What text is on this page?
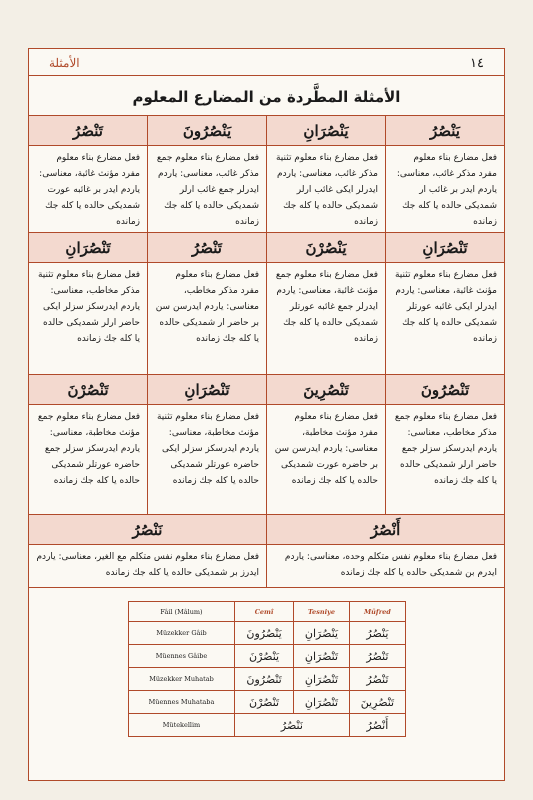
الأمثلة	١٤
الأمثلة المطَّردة من المضارع المعلوم
يَنْصُرُ
فعل مضارع بناء معلوم مفرد مذكر غائب، معناسی: یاردم ایدر بر غائب ار شمدیکی حالده یا کله جك زمانده
يَنْصُرَانِ
فعل مضارع بناء معلوم تثنية مذكر غائب، معناسی: یاردم ایدرلر ایکی غائب ارلر شمدیکی حالده یا کله جك زمانده
يَنْصُرُونَ
فعل مضارع بناء معلوم جمع مذکر غائب، معناسی: یاردم ایدرلر جمع غائب ارلر شمدیکی حالده یا کله جك زمانده
تَنْصُرُ
فعل مضارع بناء معلوم مفرد مؤنث غائبة، معناسی: یاردم ایدر بر غائبه عورت شمدیکی حالده یا کله جك زمانده
تَنْصُرَانِ
فعل مضارع بناء معلوم تثنية مؤنث غائبة، معناسی: یاردم ایدرلر ایکی غائبه عورتلر شمدیکی حالده یا کله جك زمانده
يَنْصُرْنَ
فعل مضارع بناء معلوم جمع مؤنث غائبة، معناسی: یاردم ایدرلر جمع غائبه عورتلر شمدیکی حالده یا کله جك زمانده
تَنْصُرُ
فعل مضارع بناء معلوم مفرد مذكر مخاطب، معناسی: یاردم ایدرسن سن بر حاضر ار شمدیکی حالده یا کله جك زمانده
تَنْصُرَانِ
فعل مضارع بناء معلوم تثنية مذكر مخاطب، معناسی: یاردم ایدرسکز سزلر ایکی حاضر ارلر شمدیکی حالده یا کله جك زمانده
تَنْصُرُونَ
فعل مضارع بناء معلوم جمع مذکر مخاطب، معناسی: یاردم ایدرسکز سزلر جمع حاضر ارلر شمدیکی حالده یا کله جك زمانده
تَنْصُرِينَ
فعل مضارع بناء معلوم مفرد مؤنث مخاطبة، معناسی: یاردم ایدرسن سن بر حاضره عورت شمدیکی حالده یا کله جك زمانده
تَنْصُرَانِ
فعل مضارع بناء معلوم تثنية مؤنث مخاطبة، معناسی: یاردم ایدرسکز سزلر ایکی حاضره عورتلر شمدیکی حالده یا کله جك زمانده
تَنْصُرْنَ
فعل مضارع بناء معلوم جمع مؤنث مخاطبة، معناسی: یاردم ایدرسکز سزلر جمع حاضره عورتلر شمدیکی حالده یا کله جك زمانده
أَنْصُرُ
فعل مضارع بناء معلوم نفس متكلم وحده، معناسی: یاردم ایدرم بن شمدیکی حالده یا کله جك زمانده
نَنْصُرُ
فعل مضارع بناء معلوم نفس متكلم مع الغير، معناسی: یاردم ایدرز بر شمدیکی حالده یا کله جك زمانده
Fâil (Mâlum)	Cemî	Tesniye	Müfred
Müzekker Gâib	يَنْصُرُونَ	يَنْصُرَانِ	يَنْصُرُ
Müennes Gâibe	يَنْصُرْنَ	تَنْصُرَانِ	تَنْصُرُ
Müzekker Muhatab	تَنْصُرُونَ	تَنْصُرَانِ	تَنْصُرُ
Müennes Muhataba	تَنْصُرْنَ	تَنْصُرَانِ	تَنْصُرِينَ
Mütekellim	نَنْصُرُ		أَنْصُرُ
